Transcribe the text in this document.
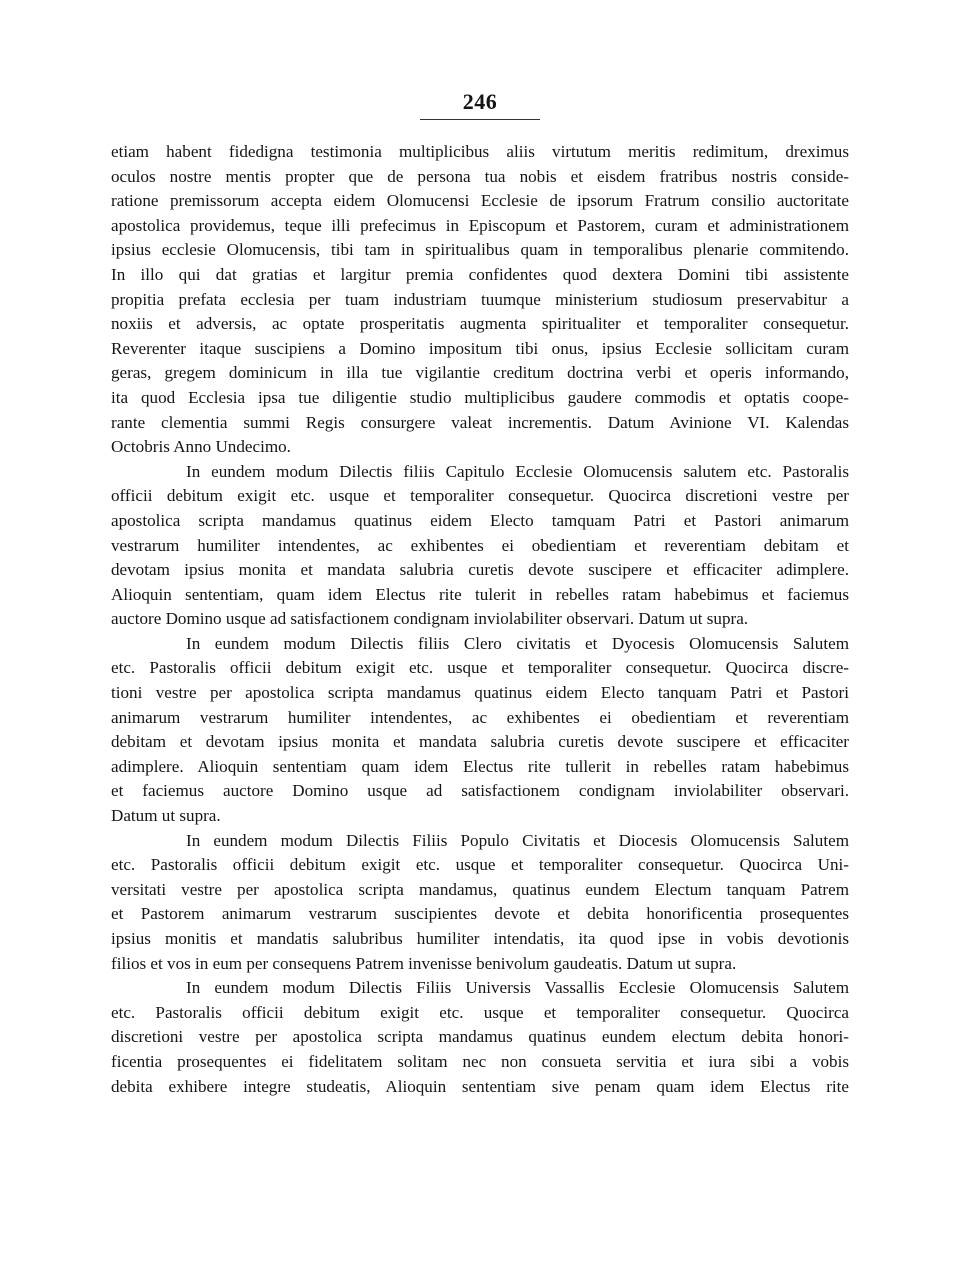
246
etiam habent fidedigna testimonia multiplicibus aliis virtutum meritis redimitum, dreximus
oculos nostre mentis propter que de persona tua nobis et eisdem fratribus nostris conside-
ratione premissorum accepta eidem Olomucensi Ecclesie de ipsorum Fratrum consilio auctoritate
apostolica providemus, teque illi prefecimus in Episcopum et Pastorem, curam et administrationem
ipsius ecclesie Olomucensis, tibi tam in spiritualibus quam in temporalibus plenarie commitendo.
In illo qui dat gratias et largitur premia confidentes quod dextera Domini tibi assistente
propitia prefata ecclesia per tuam industriam tuumque ministerium studiosum preservabitur a
noxiis et adversis, ac optate prosperitatis augmenta spiritualiter et temporaliter consequetur.
Reverenter itaque suscipiens a Domino impositum tibi onus, ipsius Ecclesie sollicitam curam
geras, gregem dominicum in illa tue vigilantie creditum doctrina verbi et operis informando,
ita quod Ecclesia ipsa tue diligentie studio multiplicibus gaudere commodis et optatis coope-
rante clementia summi Regis consurgere valeat incrementis. Datum Avinione VI. Kalendas
Octobris Anno Undecimo.
In eundem modum Dilectis filiis Capitulo Ecclesie Olomucensis salutem etc. Pastoralis
officii debitum exigit etc. usque et temporaliter consequetur. Quocirca discretioni vestre per
apostolica scripta mandamus quatinus eidem Electo tamquam Patri et Pastori animarum
vestrarum humiliter intendentes, ac exhibentes ei obedientiam et reverentiam debitam et
devotam ipsius monita et mandata salubria curetis devote suscipere et efficaciter adimplere.
Alioquin sententiam, quam idem Electus rite tulerit in rebelles ratam habebimus et faciemus
auctore Domino usque ad satisfactionem condignam inviolabiliter observari. Datum ut supra.
In eundem modum Dilectis filiis Clero civitatis et Dyocesis Olomucensis Salutem
etc. Pastoralis officii debitum exigit etc. usque et temporaliter consequetur. Quocirca discre-
tioni vestre per apostolica scripta mandamus quatinus eidem Electo tanquam Patri et Pastori
animarum vestrarum humiliter intendentes, ac exhibentes ei obedientiam et reverentiam
debitam et devotam ipsius monita et mandata salubria curetis devote suscipere et efficaciter
adimplere. Alioquin sententiam quam idem Electus rite tullerit in rebelles ratam habebimus
et faciemus auctore Domino usque ad satisfactionem condignam inviolabiliter observari.
Datum ut supra.
In eundem modum Dilectis Filiis Populo Civitatis et Diocesis Olomucensis Salutem
etc. Pastoralis officii debitum exigit etc. usque et temporaliter consequetur. Quocirca Uni-
versitati vestre per apostolica scripta mandamus, quatinus eundem Electum tanquam Patrem
et Pastorem animarum vestrarum suscipientes devote et debita honorificentia prosequentes
ipsius monitis et mandatis salubribus humiliter intendatis, ita quod ipse in vobis devotionis
filios et vos in eum per consequens Patrem invenisse benivolum gaudeatis. Datum ut supra.
In eundem modum Dilectis Filiis Universis Vassallis Ecclesie Olomucensis Salutem
etc. Pastoralis officii debitum exigit etc. usque et temporaliter consequetur. Quocirca
discretioni vestre per apostolica scripta mandamus quatinus eundem electum debita honori-
ficentia prosequentes ei fidelitatem solitam nec non consueta servitia et iura sibi a vobis
debita exhibere integre studeatis, Alioquin sententiam sive penam quam idem Electus rite
